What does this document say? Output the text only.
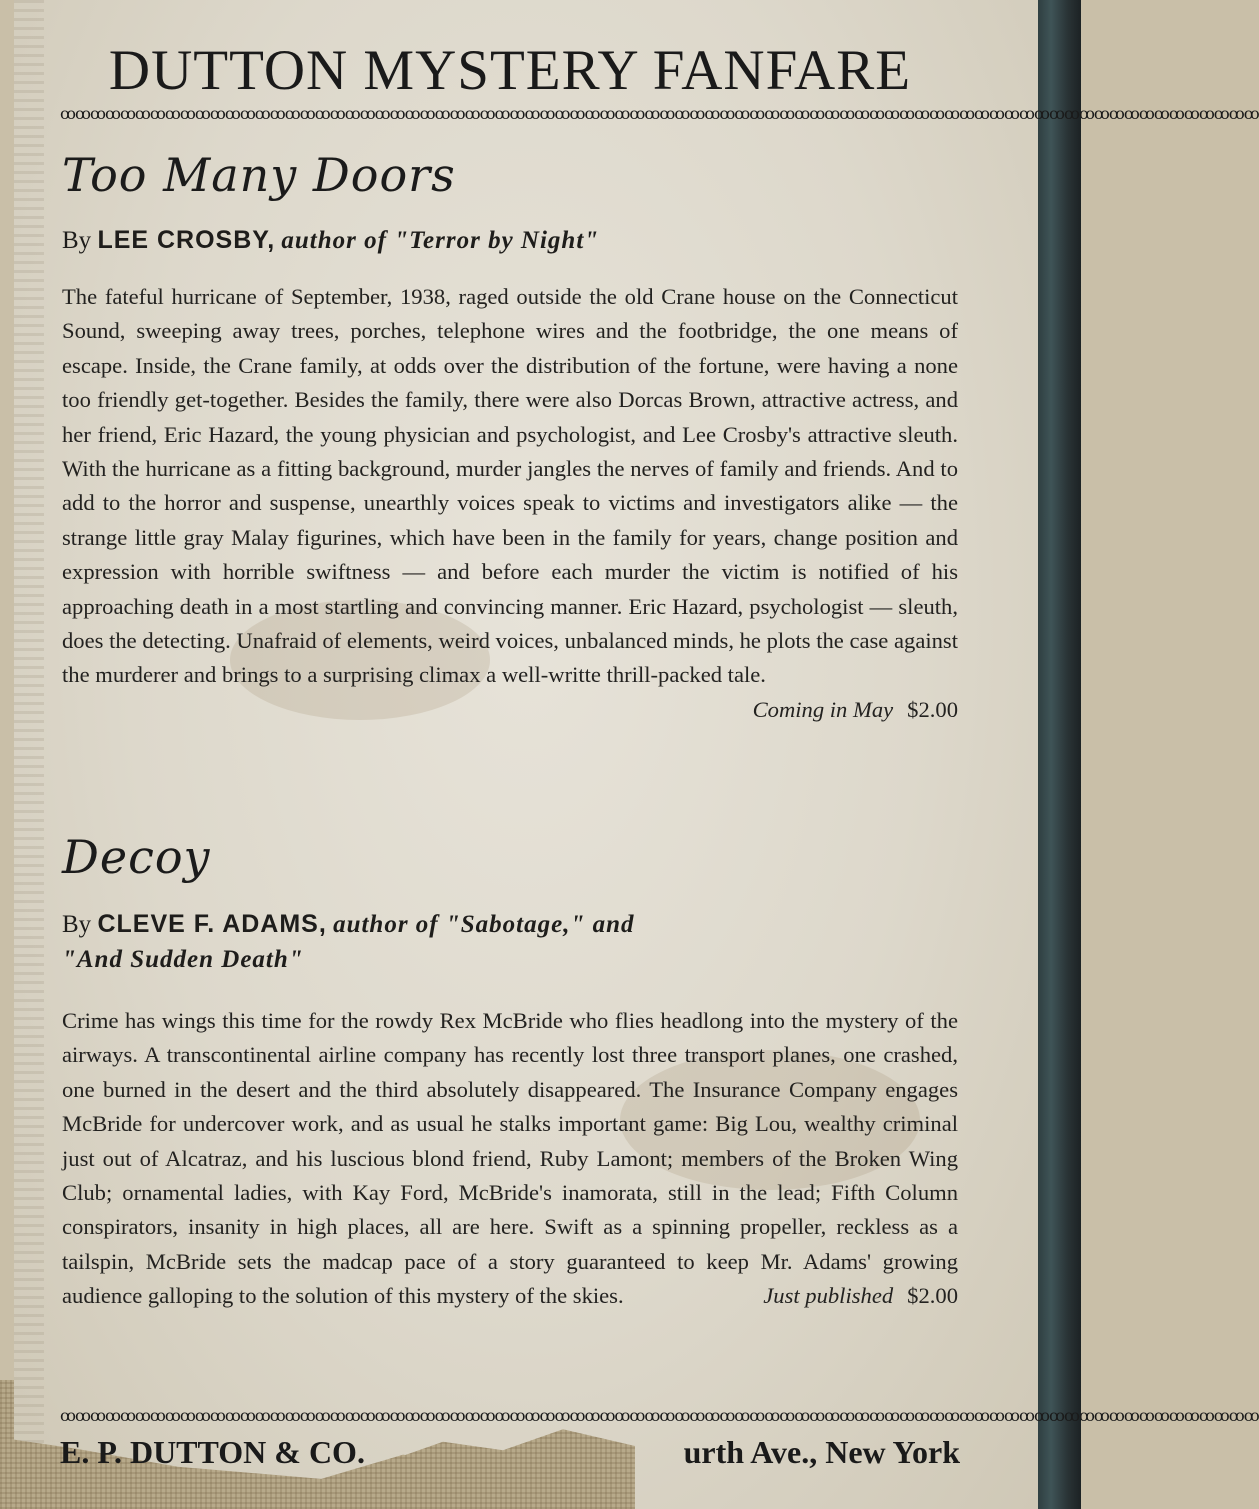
DUTTON MYSTERY FANFARE
ꝏꝏꝏꝏꝏꝏꝏꝏꝏꝏꝏꝏꝏꝏꝏꝏꝏꝏꝏꝏꝏꝏꝏꝏꝏꝏꝏꝏꝏꝏꝏꝏꝏꝏꝏꝏꝏꝏꝏꝏꝏꝏꝏꝏꝏꝏꝏꝏꝏꝏꝏꝏꝏꝏꝏꝏꝏꝏꝏꝏꝏꝏꝏꝏꝏꝏꝏꝏꝏꝏꝏꝏꝏꝏꝏꝏꝏꝏꝏꝏ
Too Many Doors
By LEE CROSBY, author of "Terror by Night"
The fateful hurricane of September, 1938, raged outside the old Crane house on the Connecticut Sound, sweeping away trees, porches, telephone wires and the footbridge, the one means of escape. Inside, the Crane family, at odds over the distribution of the fortune, were having a none too friendly get-together. Besides the family, there were also Dorcas Brown, attractive actress, and her friend, Eric Hazard, the young physician and psychologist, and Lee Crosby's attractive sleuth. With the hurricane as a fitting background, murder jangles the nerves of family and friends. And to add to the horror and suspense, unearthly voices speak to victims and investigators alike — the strange little gray Malay figurines, which have been in the family for years, change position and expression with horrible swiftness — and before each murder the victim is notified of his approaching death in a most startling and convincing manner. Eric Hazard, psychologist — sleuth, does the detecting. Unafraid of elements, weird voices, unbalanced minds, he plots the case against the murderer and brings to a surprising climax a well-writte thrill-packed tale.
Coming in May $2.00
Decoy
By CLEVE F. ADAMS, author of "Sabotage," and
"And Sudden Death"
Crime has wings this time for the rowdy Rex McBride who flies headlong into the mystery of the airways. A transcontinental airline company has recently lost three transport planes, one crashed, one burned in the desert and the third absolutely disappeared. The Insurance Company engages McBride for undercover work, and as usual he stalks important game: Big Lou, wealthy criminal just out of Alcatraz, and his luscious blond friend, Ruby Lamont; members of the Broken Wing Club; ornamental ladies, with Kay Ford, McBride's inamorata, still in the lead; Fifth Column conspirators, insanity in high places, all are here. Swift as a spinning propeller, reckless as a tailspin, McBride sets the madcap pace of a story guaranteed to keep Mr. Adams' growing audience galloping to the solution of this mystery of the skies.	Just published $2.00
ꝏꝏꝏꝏꝏꝏꝏꝏꝏꝏꝏꝏꝏꝏꝏꝏꝏꝏꝏꝏꝏꝏꝏꝏꝏꝏꝏꝏꝏꝏꝏꝏꝏꝏꝏꝏꝏꝏꝏꝏꝏꝏꝏꝏꝏꝏꝏꝏꝏꝏꝏꝏꝏꝏꝏꝏꝏꝏꝏꝏꝏꝏꝏꝏꝏꝏꝏꝏꝏꝏꝏꝏꝏꝏꝏꝏꝏꝏꝏꝏ
E. P. DUTTON & CO.	urth Ave., New York
